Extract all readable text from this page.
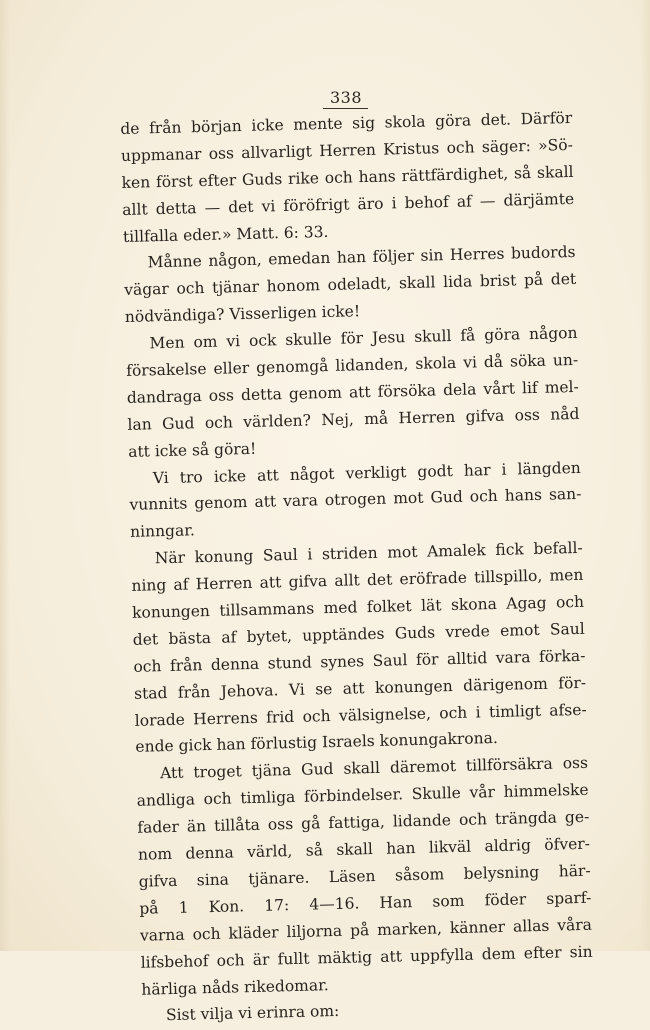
338
de från början icke mente sig skola göra det. Därför
uppmanar oss allvarligt Herren Kristus och säger: »Sö-
ken först efter Guds rike och hans rättfärdighet, så skall
allt detta — det vi föröfrigt äro i behof af — därjämte
tillfalla eder.» Matt. 6: 33.
Månne någon, emedan han följer sin Herres budords
vägar och tjänar honom odeladt, skall lida brist på det
nödvändiga? Visserligen icke!
Men om vi ock skulle för Jesu skull få göra någon
försakelse eller genomgå lidanden, skola vi då söka un-
dandraga oss detta genom att försöka dela vårt lif mel-
lan Gud och världen? Nej, må Herren gifva oss nåd
att icke så göra!
Vi tro icke att något verkligt godt har i längden
vunnits genom att vara otrogen mot Gud och hans san-
ninngar.
När konung Saul i striden mot Amalek fick befall-
ning af Herren att gifva allt det eröfrade tillspillo, men
konungen tillsammans med folket lät skona Agag och
det bästa af bytet, upptändes Guds vrede emot Saul
och från denna stund synes Saul för alltid vara förka-
stad från Jehova. Vi se att konungen därigenom för-
lorade Herrens frid och välsignelse, och i timligt afse-
ende gick han förlustig Israels konungakrona.
Att troget tjäna Gud skall däremot tillförsäkra oss
andliga och timliga förbindelser. Skulle vår himmelske
fader än tillåta oss gå fattiga, lidande och trängda ge-
nom denna värld, så skall han likväl aldrig öfver-
gifva sina tjänare. Läsen såsom belysning här-
på 1 Kon. 17: 4—16. Han som föder sparf-
varna och kläder liljorna på marken, känner allas våra
lifsbehof och är fullt mäktig att uppfylla dem efter sin
härliga nåds rikedomar.
Sist vilja vi erinra om:
